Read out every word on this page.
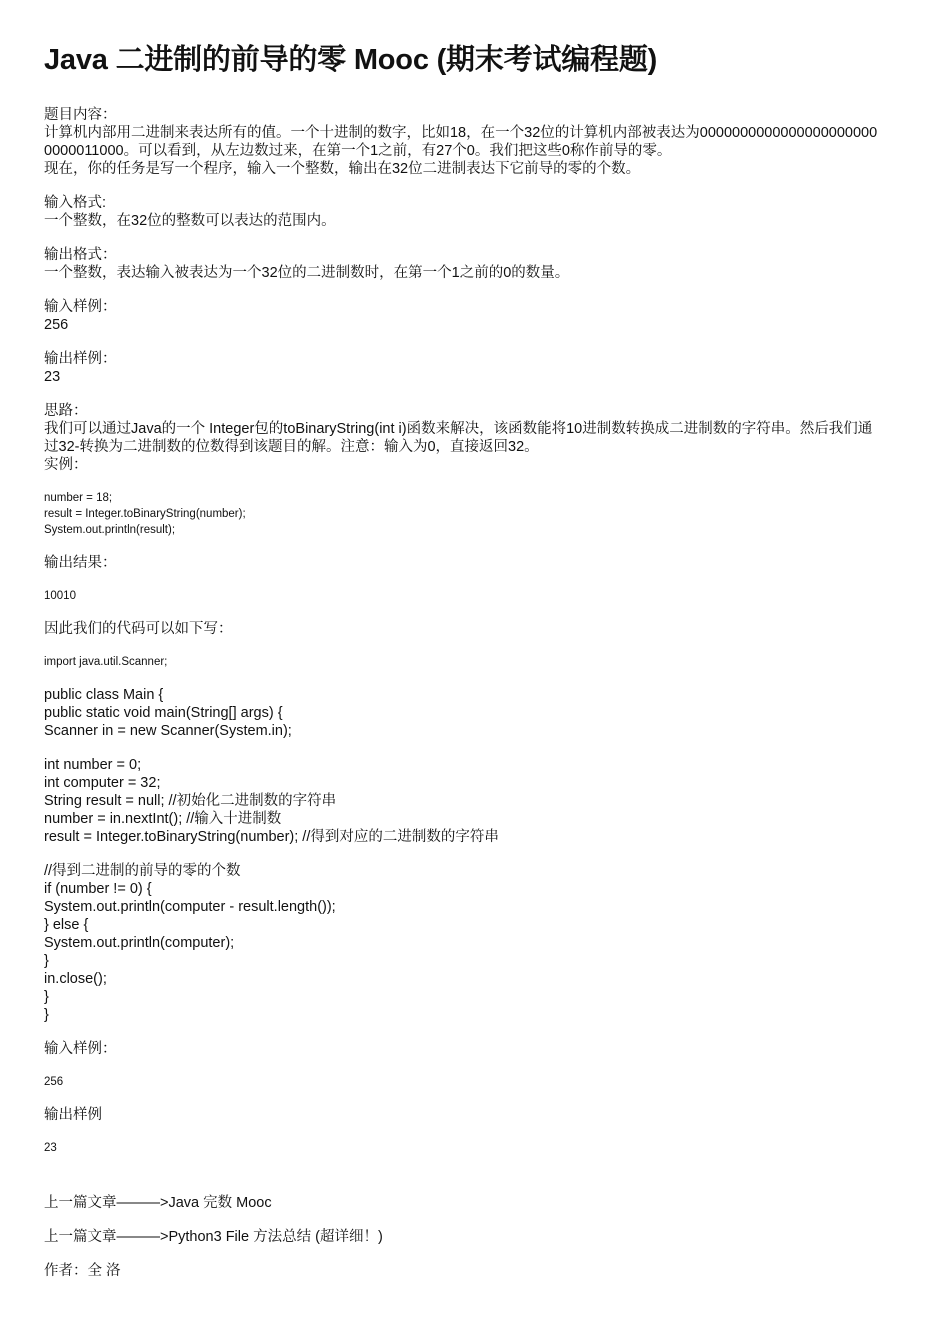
Java 二进制的前导的零 Mooc (期末考试编程题)

题目内容：

计算机内部用二进制来表达所有的值。一个十进制的数字，比如18，在一个32位的计算机内部被表达为00000000000000000000000000011000。可以看到，从左边数过来，在第一个1之前，有27个0。我们把这些0称作前导的零。

现在，你的任务是写一个程序，输入一个整数，输出在32位二进制表达下它前导的零的个数。

输入格式:

一个整数，在32位的整数可以表达的范围内。

输出格式：

一个整数，表达输入被表达为一个32位的二进制数时，在第一个1之前的0的数量。

输入样例：

256

输出样例：

23

思路：

我们可以通过Java的一个 Integer包的toBinaryString(int i)函数来解决，该函数能将10进制数转换成二进制数的字符串。然后我们通过32-转换为二进制数的位数得到该题目的解。注意：输入为0，直接返回32。

实例：

number = 18;

result = Integer.toBinaryString(number);

System.out.println(result);

输出结果：

10010

因此我们的代码可以如下写：

import java.util.Scanner;

public class Main {

public static void main(String[] args) {

Scanner in = new Scanner(System.in);

int number = 0;

int computer = 32;

String result = null; //初始化二进制数的字符串

number = in.nextInt(); //输入十进制数

result = Integer.toBinaryString(number); //得到对应的二进制数的字符串

//得到二进制的前导的零的个数

if (number != 0) {

System.out.println(computer - result.length());

} else {

System.out.println(computer);

}

in.close();

}

}

输入样例：

256

输出样例

23

上一篇文章———>Java 完数 Mooc

上一篇文章———>Python3 File 方法总结 (超详细！)

作者：全 洛
